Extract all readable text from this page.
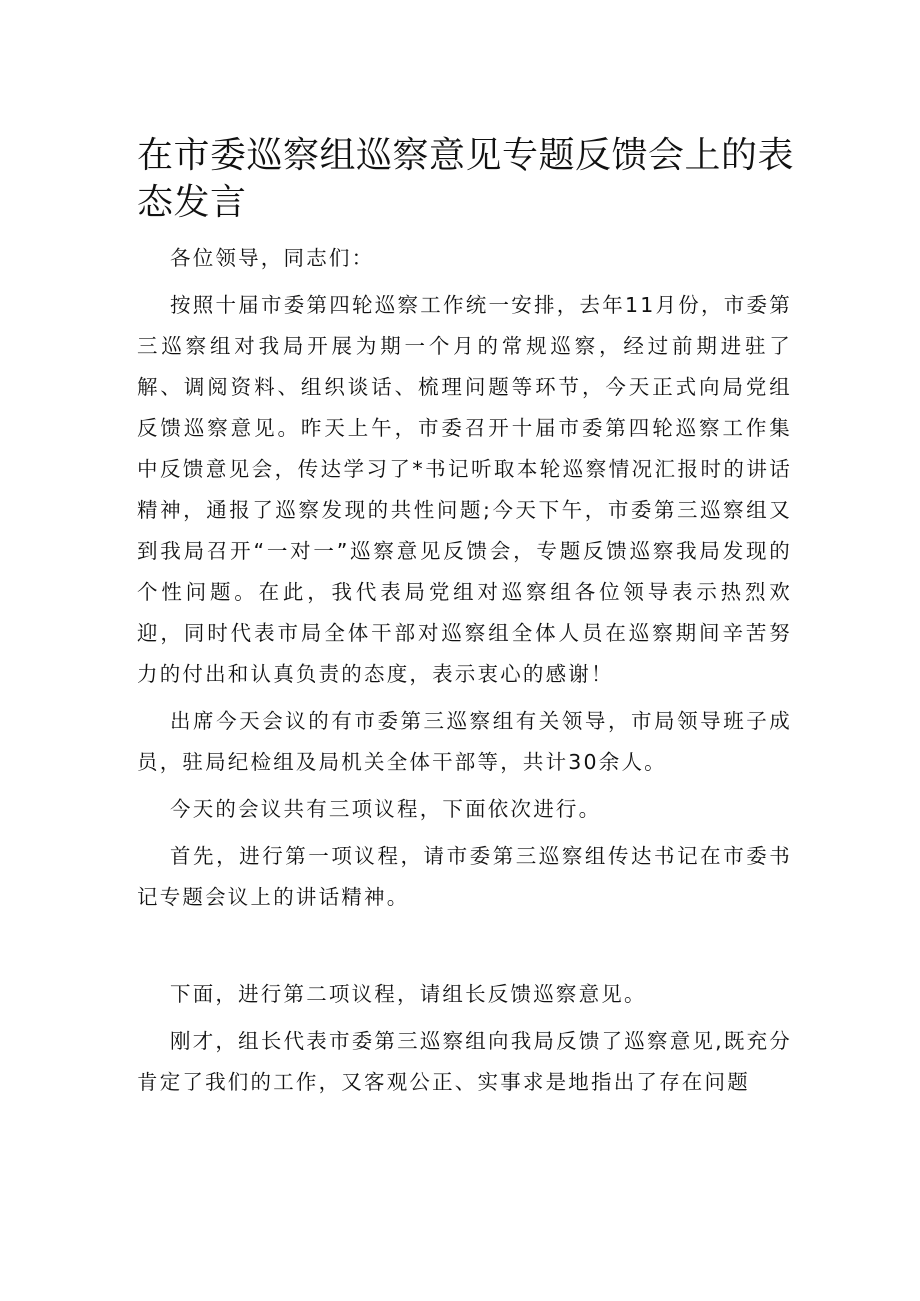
在市委巡察组巡察意见专题反馈会上的表态发言

各位领导，同志们：

按照十届市委第四轮巡察工作统一安排，去年11月份，市委第三巡察组对我局开展为期一个月的常规巡察，经过前期进驻了解、调阅资料、组织谈话、梳理问题等环节，今天正式向局党组反馈巡察意见。昨天上午，市委召开十届市委第四轮巡察工作集中反馈意见会，传达学习了*书记听取本轮巡察情况汇报时的讲话精神，通报了巡察发现的共性问题;今天下午，市委第三巡察组又到我局召开“一对一”巡察意见反馈会，专题反馈巡察我局发现的个性问题。在此，我代表局党组对巡察组各位领导表示热烈欢迎，同时代表市局全体干部对巡察组全体人员在巡察期间辛苦努力的付出和认真负责的态度，表示衷心的感谢！

出席今天会议的有市委第三巡察组有关领导，市局领导班子成员，驻局纪检组及局机关全体干部等，共计30余人。

今天的会议共有三项议程，下面依次进行。

首先，进行第一项议程，请市委第三巡察组传达书记在市委书记专题会议上的讲话精神。

下面，进行第二项议程，请组长反馈巡察意见。

刚才，组长代表市委第三巡察组向我局反馈了巡察意见,既充分肯定了我们的工作，又客观公正、实事求是地指出了存在问题
